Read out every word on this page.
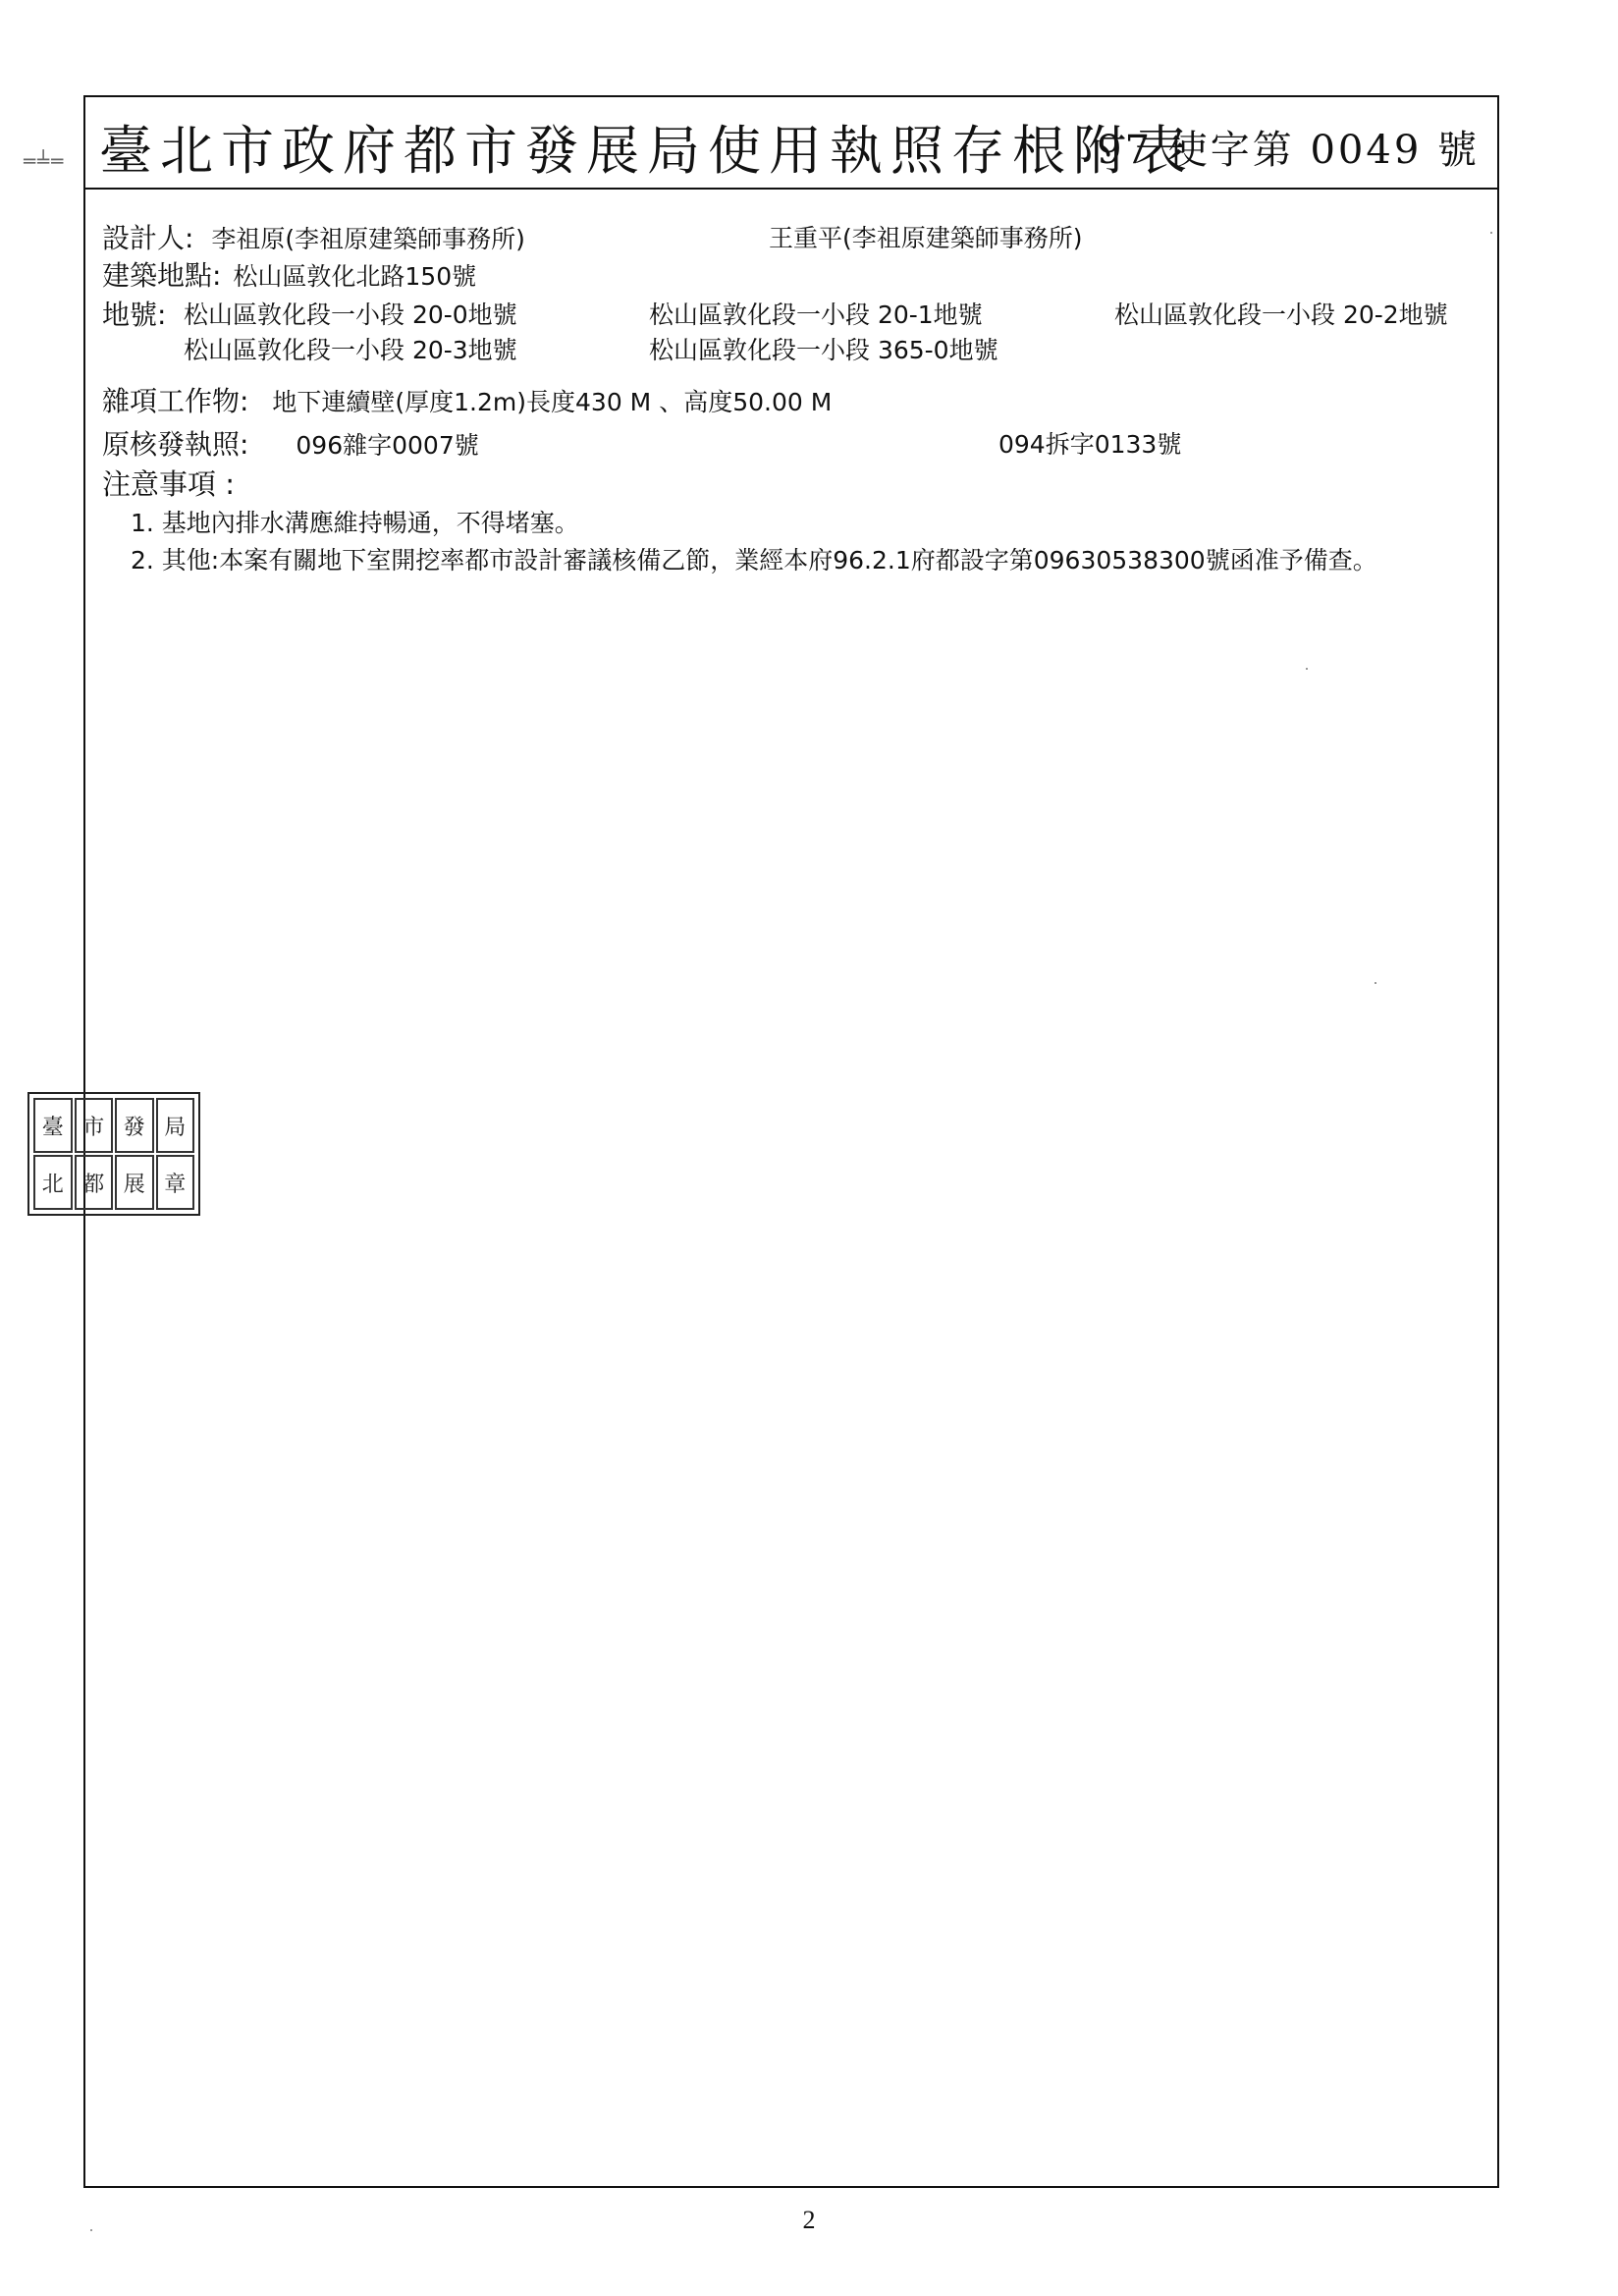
═╧═ 臺北市政府都市發展局使用執照存根附表
97 使字第 0049 號
設計人: 李祖原(李祖原建築師事務所)	王重平(李祖原建築師事務所)
建築地點: 松山區敦化北路150號
地號: 松山區敦化段一小段 20-0地號	松山區敦化段一小段 20-1地號	松山區敦化段一小段 20-2地號
松山區敦化段一小段 20-3地號	松山區敦化段一小段 365-0地號
雜項工作物: 地下連續壁(厚度1.2m)長度430 M 、高度50.00 M
原核發執照: 096雜字0007號	094拆字0133號
注意事項 :
1. 基地內排水溝應維持暢通，不得堵塞。
2. 其他:本案有關地下室開挖率都市設計審議核備乙節，業經本府96.2.1府都設字第09630538300號函准予備查。
臺 市 發 局
北 都 展 章
2
